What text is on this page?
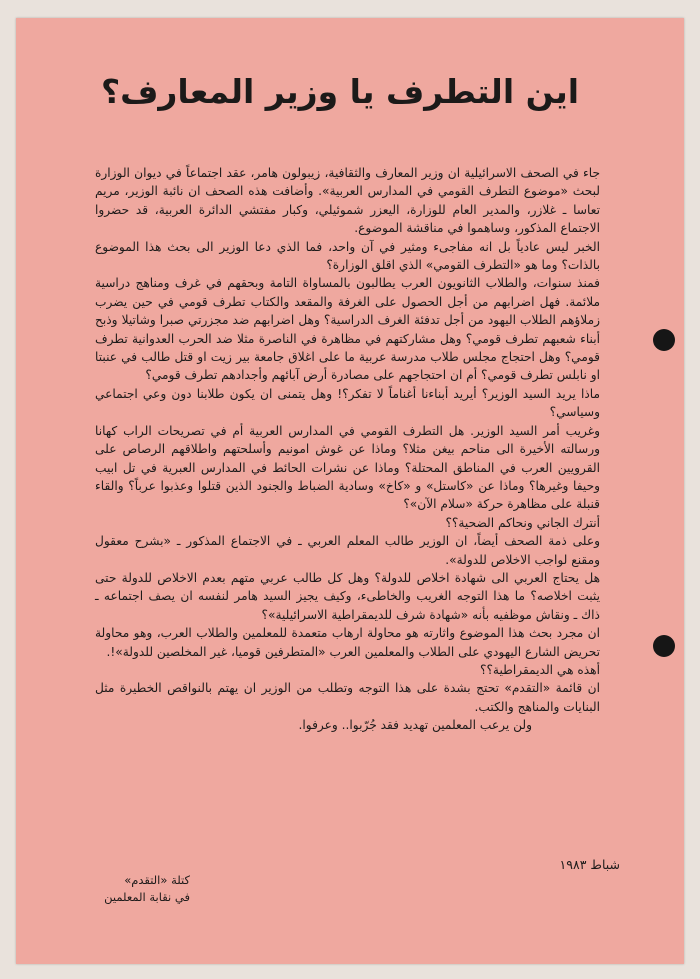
اين التطرف يا وزير المعارف؟

جاء في الصحف الاسرائيلية ان وزير المعارف والثقافية، زيبولون هامر، عقد اجتماعاً في ديوان الوزارة لبحث «موضوع التطرف القومي في المدارس العربية». وأضافت هذه الصحف ان نائبة الوزير، مريم تعاسا ـ غلازر، والمدير العام للوزارة، اليعزر شموئيلي، وكبار مفتشي الدائرة العربية، قد حضروا الاجتماع المذكور، وساهموا في مناقشة الموضوع.

الخبر ليس عادياً بل انه مفاجىء ومثير في آن واحد، فما الذي دعا الوزير الى بحث هذا الموضوع بالذات؟ وما هو «التطرف القومي» الذي اقلق الوزارة؟

فمنذ سنوات، والطلاب الثانويون العرب يطالبون بالمساواة التامة وبحقهم في غرف ومناهج دراسية ملائمة. فهل اضرابهم من أجل الحصول على الغرفة والمقعد والكتاب تطرف قومي في حين يضرب زملاؤهم الطلاب اليهود من أجل تدفئة الغرف الدراسية؟ وهل اضرابهم ضد مجزرتي صبرا وشاتيلا وذبح أبناء شعبهم تطرف قومي؟ وهل مشاركتهم في مظاهرة في الناصرة مثلا ضد الحرب العدوانية تطرف قومي؟ وهل احتجاج مجلس طلاب مدرسة عربية ما على اغلاق جامعة بير زيت او قتل طالب في عنبتا او نابلس تطرف قومي؟ أم ان احتجاجهم على مصادرة أرض آبائهم وأجدادهم تطرف قومي؟

ماذا يريد السيد الوزير؟ أيريد أبناءنا أغناماً لا تفكر؟! وهل يتمنى ان يكون طلابنا دون وعي اجتماعي وسياسي؟

وغريب أمر السيد الوزير. هل التطرف القومي في المدارس العربية أم في تصريحات الراب كهانا ورسالته الأخيرة الى مناحم بيغن مثلا؟ وماذا عن غوش امونيم وأسلحتهم واطلاقهم الرصاص على القرويين العرب في المناطق المحتلة؟ وماذا عن نشرات الحائط في المدارس العبرية في تل ابيب وحيفا وغيرها؟ وماذا عن «كاستل» و «كاخ» وسادية الضباط والجنود الذين قتلوا وعذبوا عرباً؟ والقاء قنبلة على مظاهرة حركة «سلام الآن»؟

أنترك الجاني ونحاكم الضحية؟؟

وعلى ذمة الصحف أيضاً، ان الوزير طالب المعلم العربي ـ في الاجتماع المذكور ـ «بشرح معقول ومقنع لواجب الاخلاص للدولة».

هل يحتاج العربي الى شهادة اخلاص للدولة؟ وهل كل طالب عربي متهم بعدم الاخلاص للدولة حتى يثبت اخلاصه؟ ما هذا التوجه الغريب والخاطىء، وكيف يجيز السيد هامر لنفسه ان يصف اجتماعه ـ ذاك ـ ونقاش موظفيه بأنه «شهادة شرف للديمقراطية الاسرائيلية»؟

ان مجرد بحث هذا الموضوع واثارته هو محاولة ارهاب متعمدة للمعلمين والطلاب العرب، وهو محاولة تحريض الشارع اليهودي على الطلاب والمعلمين العرب «المتطرفين قوميا، غير المخلصين للدولة»!.

أهذه هي الديمقراطية؟؟

ان قائمة «التقدم» تحتج بشدة على هذا التوجه وتطلب من الوزير ان يهتم بالنواقص الخطيرة مثل البنايات والمناهج والكتب.

ولن يرعب المعلمين تهديد فقد جُرّبوا.. وعرفوا.

شباط ١٩٨٣
كتلة «التقدم»
في نقابة المعلمين
